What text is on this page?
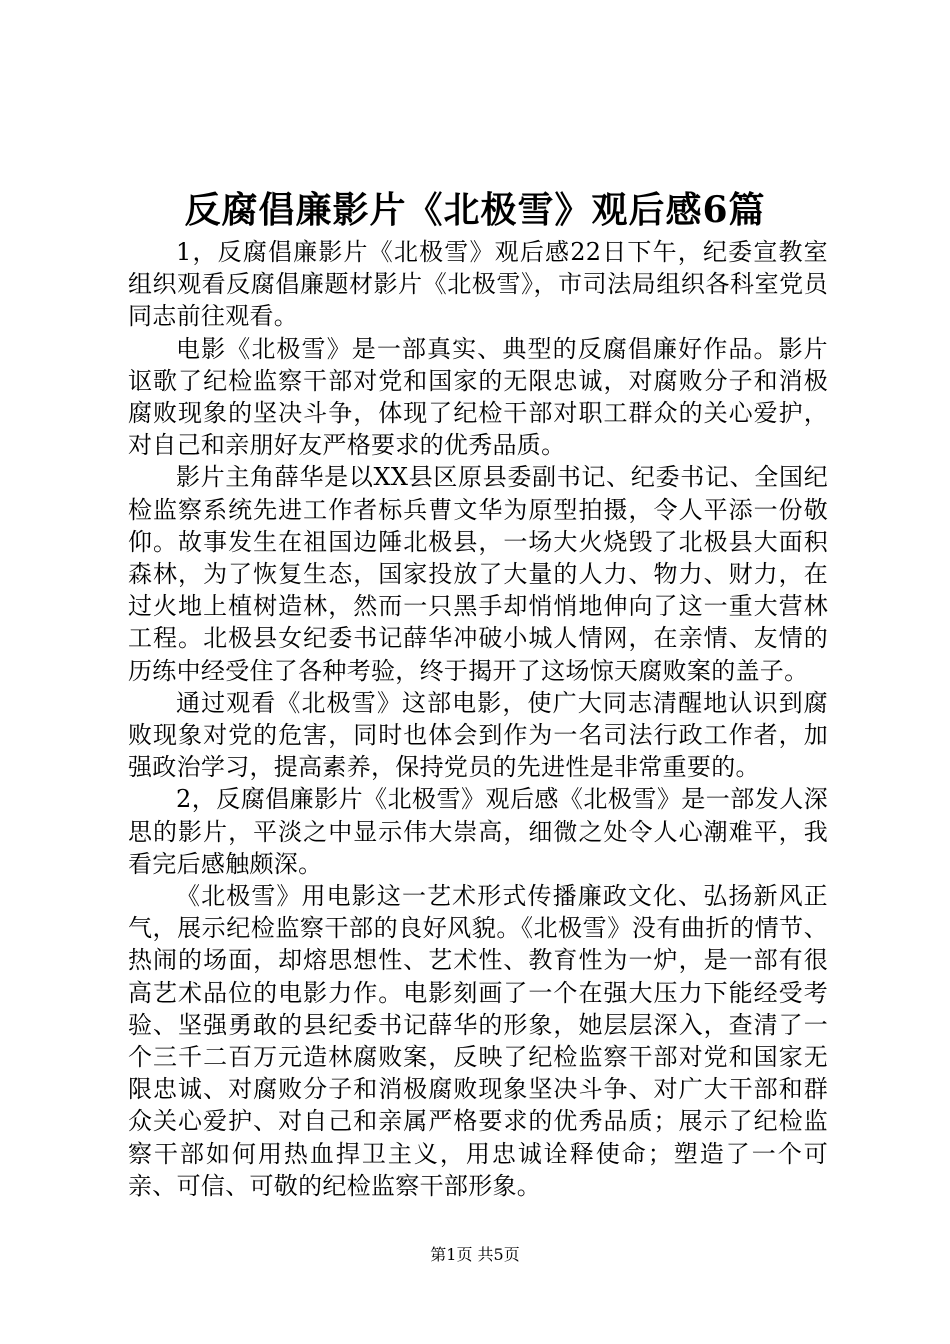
反腐倡廉影片《北极雪》观后感6篇

1，反腐倡廉影片《北极雪》观后感22日下午，纪委宣教室组织观看反腐倡廉题材影片《北极雪》，市司法局组织各科室党员同志前往观看。

电影《北极雪》是一部真实、典型的反腐倡廉好作品。影片讴歌了纪检监察干部对党和国家的无限忠诚，对腐败分子和消极腐败现象的坚决斗争，体现了纪检干部对职工群众的关心爱护，对自己和亲朋好友严格要求的优秀品质。

影片主角薛华是以XX县区原县委副书记、纪委书记、全国纪检监察系统先进工作者标兵曹文华为原型拍摄，令人平添一份敬仰。故事发生在祖国边陲北极县，一场大火烧毁了北极县大面积森林，为了恢复生态，国家投放了大量的人力、物力、财力，在过火地上植树造林，然而一只黑手却悄悄地伸向了这一重大营林工程。北极县女纪委书记薛华冲破小城人情网，在亲情、友情的历练中经受住了各种考验，终于揭开了这场惊天腐败案的盖子。

通过观看《北极雪》这部电影，使广大同志清醒地认识到腐败现象对党的危害，同时也体会到作为一名司法行政工作者，加强政治学习，提高素养，保持党员的先进性是非常重要的。

2，反腐倡廉影片《北极雪》观后感《北极雪》是一部发人深思的影片，平淡之中显示伟大崇高，细微之处令人心潮难平，我看完后感触颇深。

《北极雪》用电影这一艺术形式传播廉政文化、弘扬新风正气，展示纪检监察干部的良好风貌。《北极雪》没有曲折的情节、热闹的场面，却熔思想性、艺术性、教育性为一炉，是一部有很高艺术品位的电影力作。电影刻画了一个在强大压力下能经受考验、坚强勇敢的县纪委书记薛华的形象，她层层深入，查清了一个三千二百万元造林腐败案，反映了纪检监察干部对党和国家无限忠诚、对腐败分子和消极腐败现象坚决斗争、对广大干部和群众关心爱护、对自己和亲属严格要求的优秀品质；展示了纪检监察干部如何用热血捍卫主义，用忠诚诠释使命；塑造了一个可亲、可信、可敬的纪检监察干部形象。

第1页 共5页
